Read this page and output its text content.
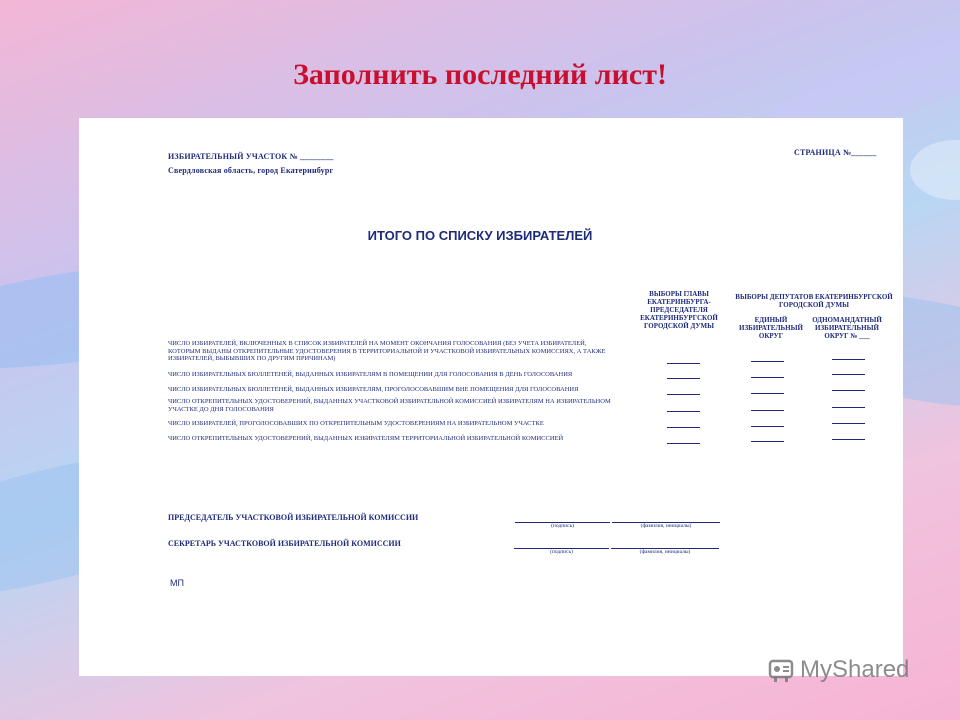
Заполнить последний лист!
ИЗБИРАТЕЛЬНЫЙ УЧАСТОК № ________
Свердловская область, город Екатеринбург
СТРАНИЦА №______
ИТОГО ПО СПИСКУ ИЗБИРАТЕЛЕЙ
ВЫБОРЫ ГЛАВЫ ЕКАТЕРИНБУРГА- ПРЕДСЕДАТЕЛЯ ЕКАТЕРИНБУРГСКОЙ ГОРОДСКОЙ ДУМЫ
ВЫБОРЫ ДЕПУТАТОВ ЕКАТЕРИНБУРГСКОЙ ГОРОДСКОЙ ДУМЫ
ЕДИНЫЙ ИЗБИРАТЕЛЬНЫЙ ОКРУГ
ОДНОМАНДАТНЫЙ ИЗБИРАТЕЛЬНЫЙ ОКРУГ № ___
ЧИСЛО ИЗБИРАТЕЛЕЙ, ВКЛЮЧЕННЫХ В СПИСОК ИЗБИРАТЕЛЕЙ НА МОМЕНТ ОКОНЧАНИЯ ГОЛОСОВАНИЯ (БЕЗ УЧЕТА ИЗБИРАТЕЛЕЙ, КОТОРЫМ ВЫДАНЫ ОТКРЕПИТЕЛЬНЫЕ УДОСТОВЕРЕНИЯ В ТЕРРИТОРИАЛЬНОЙ И УЧАСТКОВОЙ ИЗБИРАТЕЛЬНЫХ КОМИССИЯХ, А ТАКЖЕ ИЗБИРАТЕЛЕЙ, ВЫБЫВШИХ ПО ДРУГИМ ПРИЧИНАМ)
ЧИСЛО ИЗБИРАТЕЛЬНЫХ БЮЛЛЕТЕНЕЙ, ВЫДАННЫХ ИЗБИРАТЕЛЯМ В ПОМЕЩЕНИИ ДЛЯ ГОЛОСОВАНИЯ В ДЕНЬ ГОЛОСОВАНИЯ
ЧИСЛО ИЗБИРАТЕЛЬНЫХ БЮЛЛЕТЕНЕЙ, ВЫДАННЫХ ИЗБИРАТЕЛЯМ, ПРОГОЛОСОВАВШИМ ВНЕ ПОМЕЩЕНИЯ ДЛЯ ГОЛОСОВАНИЯ
ЧИСЛО ОТКРЕПИТЕЛЬНЫХ УДОСТОВЕРЕНИЙ, ВЫДАННЫХ УЧАСТКОВОЙ ИЗБИРАТЕЛЬНОЙ КОМИССИЕЙ ИЗБИРАТЕЛЯМ НА ИЗБИРАТЕЛЬНОМ УЧАСТКЕ ДО ДНЯ ГОЛОСОВАНИЯ
ЧИСЛО ИЗБИРАТЕЛЕЙ, ПРОГОЛОСОВАВШИХ ПО ОТКРЕПИТЕЛЬНЫМ УДОСТОВЕРЕНИЯМ НА ИЗБИРАТЕЛЬНОМ УЧАСТКЕ
ЧИСЛО ОТКРЕПИТЕЛЬНЫХ УДОСТОВЕРЕНИЙ, ВЫДАННЫХ ИЗБИРАТЕЛЯМ ТЕРРИТОРИАЛЬНОЙ ИЗБИРАТЕЛЬНОЙ КОМИССИЕЙ
ПРЕДСЕДАТЕЛЬ УЧАСТКОВОЙ ИЗБИРАТЕЛЬНОЙ КОМИССИИ
(подпись)	(фамилия, инициалы)
СЕКРЕТАРЬ УЧАСТКОВОЙ ИЗБИРАТЕЛЬНОЙ КОМИССИИ
(подпись)	(фамилия, инициалы)
МП
MyShared
